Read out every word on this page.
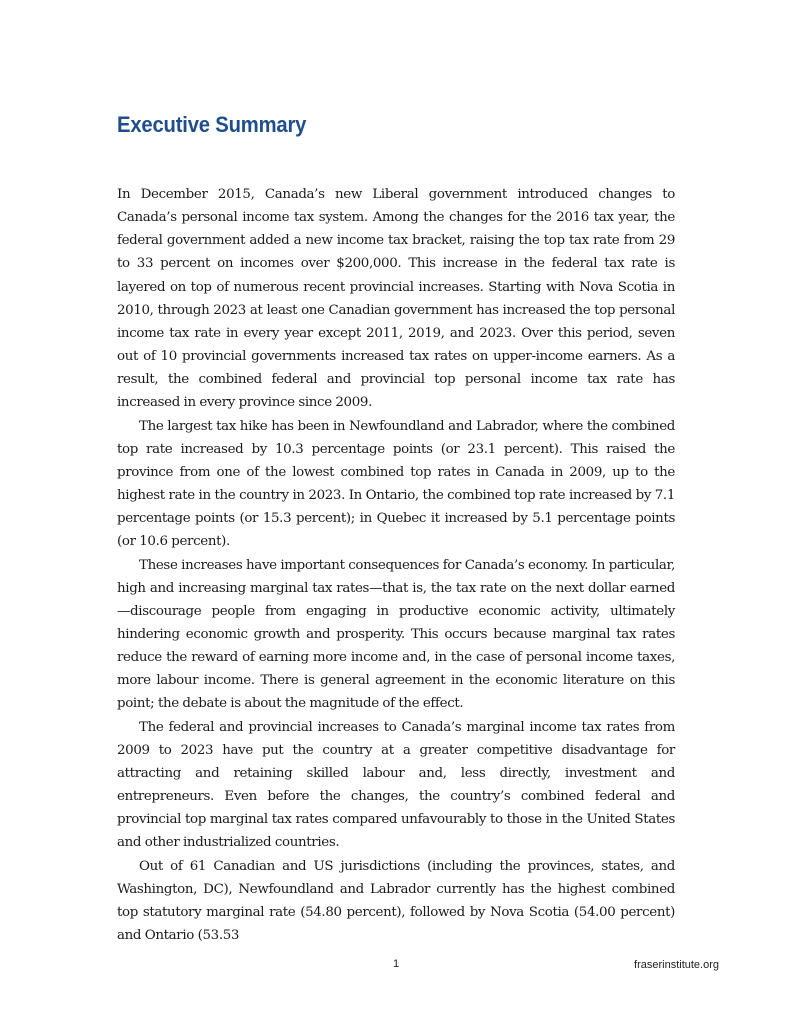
Executive Summary

In December 2015, Canada’s new Liberal government introduced changes to Canada’s personal income tax system. Among the changes for the 2016 tax year, the federal government added a new income tax bracket, raising the top tax rate from 29 to 33 percent on incomes over $200,000. This increase in the federal tax rate is layered on top of numerous recent provincial increases. Starting with Nova Scotia in 2010, through 2023 at least one Canadian government has increased the top personal income tax rate in every year except 2011, 2019, and 2023. Over this period, seven out of 10 provincial governments increased tax rates on upper-income earners. As a result, the combined federal and provincial top personal income tax rate has increased in every province since 2009.

The largest tax hike has been in Newfoundland and Labrador, where the combined top rate increased by 10.3 percentage points (or 23.1 percent). This raised the province from one of the lowest combined top rates in Canada in 2009, up to the highest rate in the country in 2023. In Ontario, the combined top rate increased by 7.1 percentage points (or 15.3 percent); in Quebec it increased by 5.1 percentage points (or 10.6 percent).

These increases have important consequences for Canada’s economy. In particular, high and increasing marginal tax rates—that is, the tax rate on the next dollar earned—discourage people from engaging in productive economic activity, ultimately hindering economic growth and prosperity. This occurs because marginal tax rates reduce the reward of earning more income and, in the case of personal income taxes, more labour income. There is general agreement in the economic literature on this point; the debate is about the magnitude of the effect.

The federal and provincial increases to Canada’s marginal income tax rates from 2009 to 2023 have put the country at a greater competitive disadvantage for attracting and retaining skilled labour and, less directly, investment and entrepreneurs. Even before the changes, the country’s combined federal and provincial top marginal tax rates compared unfavourably to those in the United States and other industrialized countries.

Out of 61 Canadian and US jurisdictions (including the provinces, states, and Washington, DC), Newfoundland and Labrador currently has the highest combined top statutory marginal rate (54.80 percent), followed by Nova Scotia (54.00 percent) and Ontario (53.53

1	fraserinstitute.org
